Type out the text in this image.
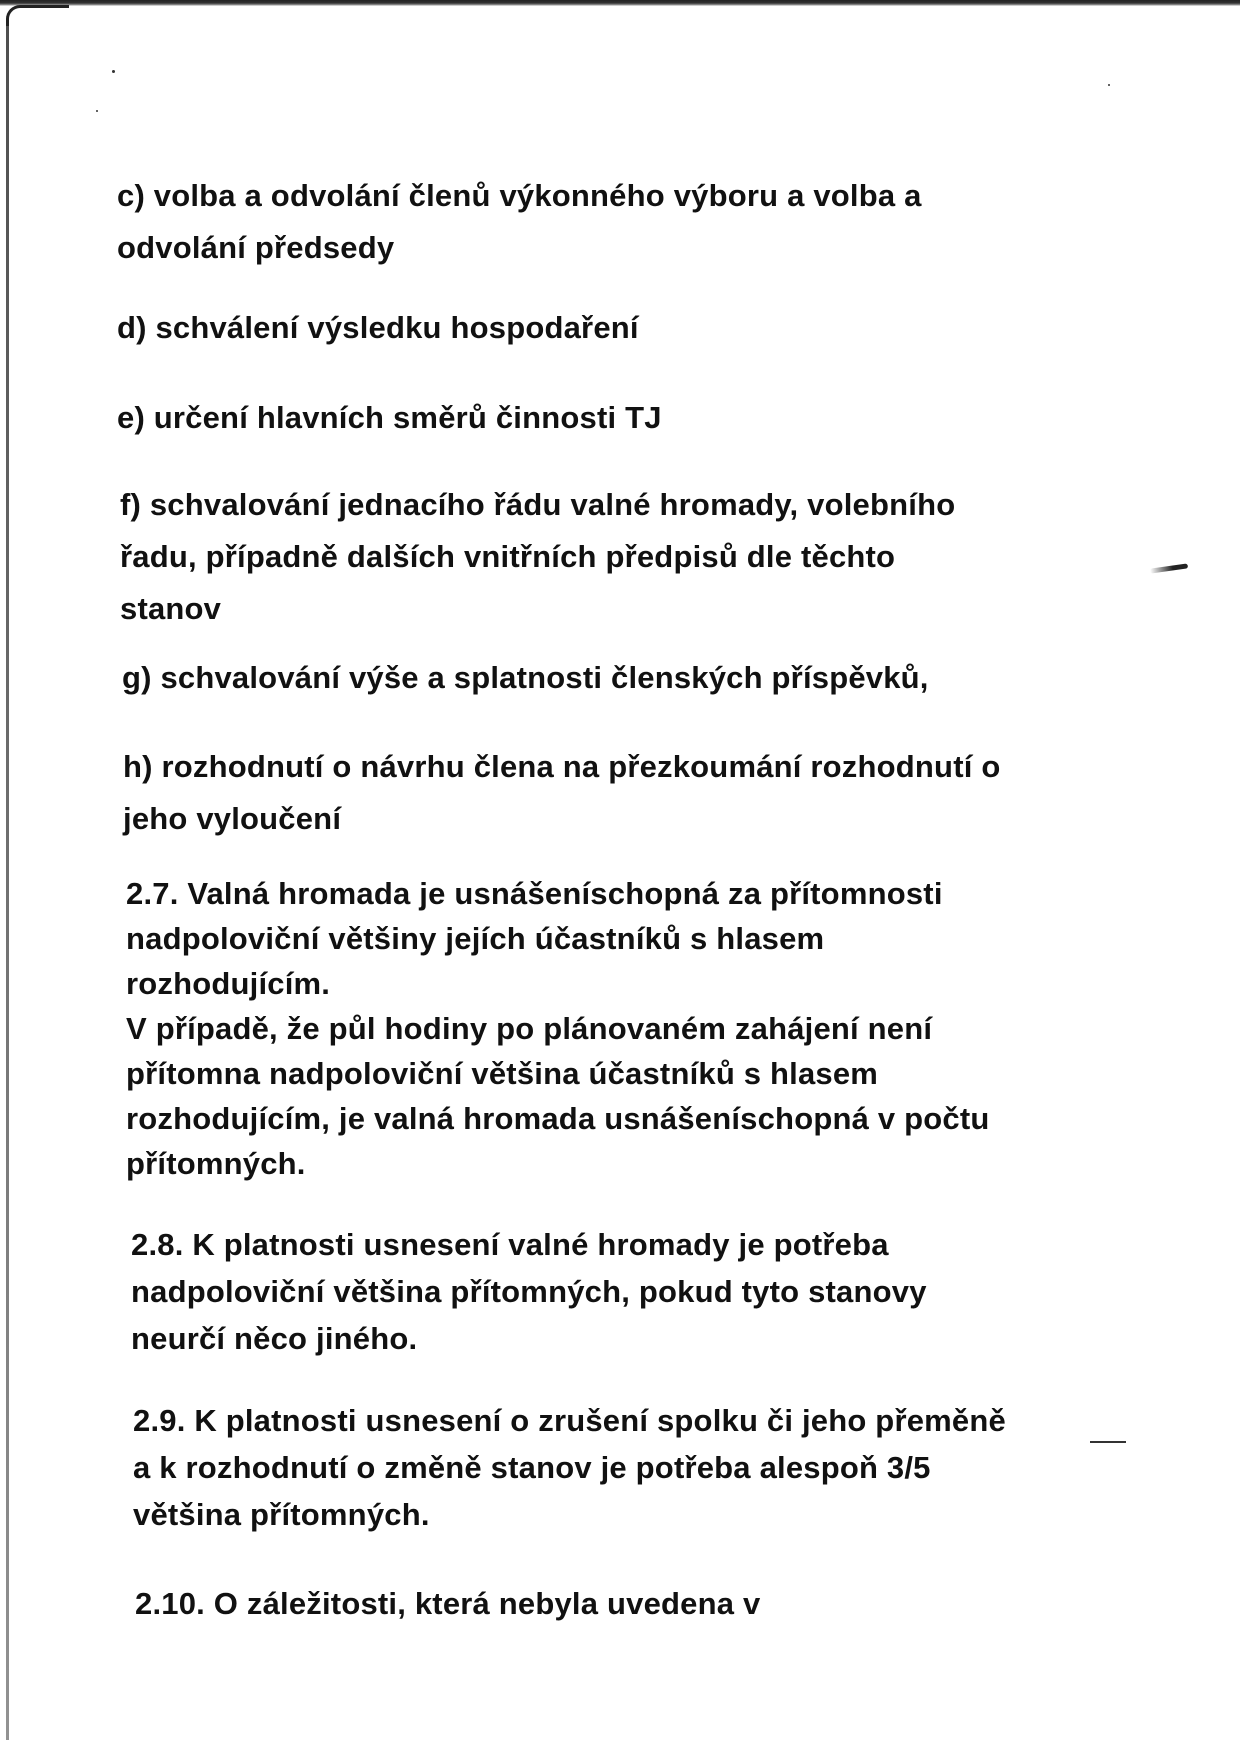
c) volba a odvolání členů výkonného výboru a volba a
odvolání předsedy

d) schválení výsledku hospodaření

e) určení hlavních směrů činnosti TJ

f) schvalování jednacího řádu valné hromady, volebního
řadu, případně dalších vnitřních předpisů dle těchto
stanov

g) schvalování výše a splatnosti členských příspěvků,

h) rozhodnutí o návrhu člena na přezkoumání rozhodnutí o
jeho vyloučení

2.7. Valná hromada je usnášeníschopná za přítomnosti
nadpoloviční většiny jejích účastníků s hlasem
rozhodujícím.
V případě, že půl hodiny po plánovaném zahájení není
přítomna nadpoloviční většina účastníků s hlasem
rozhodujícím, je valná hromada usnášeníschopná v počtu
přítomných.

2.8. K platnosti usnesení valné hromady je potřeba
nadpoloviční většina přítomných, pokud tyto stanovy
neurčí něco jiného.

2.9. K platnosti usnesení o zrušení spolku či jeho přeměně
a k rozhodnutí o změně stanov je potřeba alespoň 3/5
většina přítomných.

2.10. O záležitosti, která nebyla uvedena v
